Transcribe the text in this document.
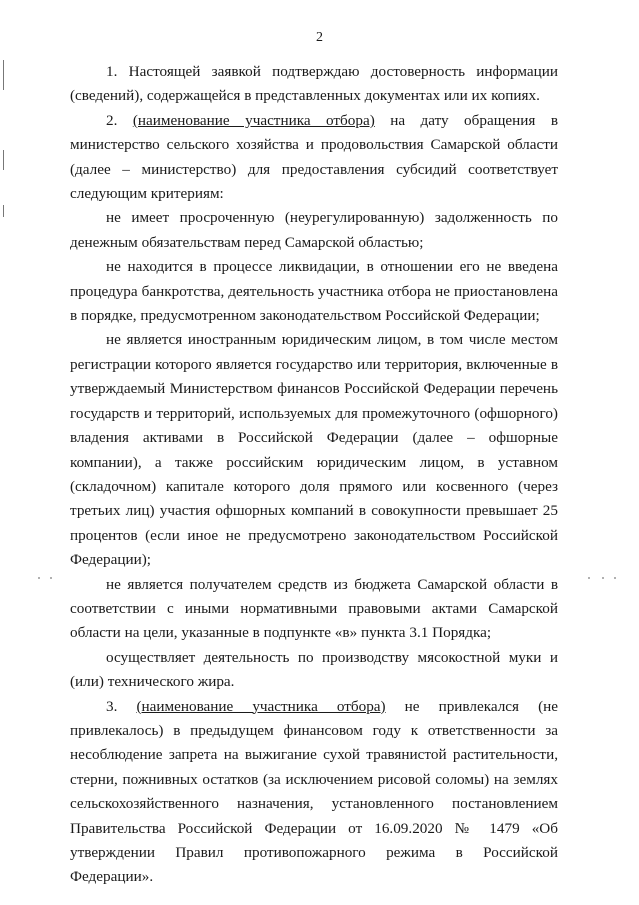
2

1. Настоящей заявкой подтверждаю достоверность информации (сведений), содержащейся в представленных документах или их копиях.

2. (наименование участника отбора) на дату обращения в министерство сельского хозяйства и продовольствия Самарской области (далее – министерство) для предоставления субсидий соответствует следующим критериям:

не имеет просроченную (неурегулированную) задолженность по денежным обязательствам перед Самарской областью;

не находится в процессе ликвидации, в отношении его не введена процедура банкротства, деятельность участника отбора не приостановлена в порядке, предусмотренном законодательством Российской Федерации;

не является иностранным юридическим лицом, в том числе местом регистрации которого является государство или территория, включенные в утверждаемый Министерством финансов Российской Федерации перечень государств и территорий, используемых для промежуточного (офшорного) владения активами в Российской Федерации (далее – офшорные компании), а также российским юридическим лицом, в уставном (складочном) капитале которого доля прямого или косвенного (через третьих лиц) участия офшорных компаний в совокупности превышает 25 процентов (если иное не предусмотрено законодательством Российской Федерации);

не является получателем средств из бюджета Самарской области в соответствии с иными нормативными правовыми актами Самарской области на цели, указанные в подпункте «в» пункта 3.1 Порядка;

осуществляет деятельность по производству мясокостной муки и (или) технического жира.

3. (наименование участника отбора) не привлекался (не привлекалось) в предыдущем финансовом году к ответственности за несоблюдение запрета на выжигание сухой травянистой растительности, стерни, пожнивных остатков (за исключением рисовой соломы) на землях сельскохозяйственного назначения, установленного постановлением Правительства Российской Федерации от 16.09.2020 № 1479 «Об утверждении Правил противопожарного режима в Российской Федерации».
